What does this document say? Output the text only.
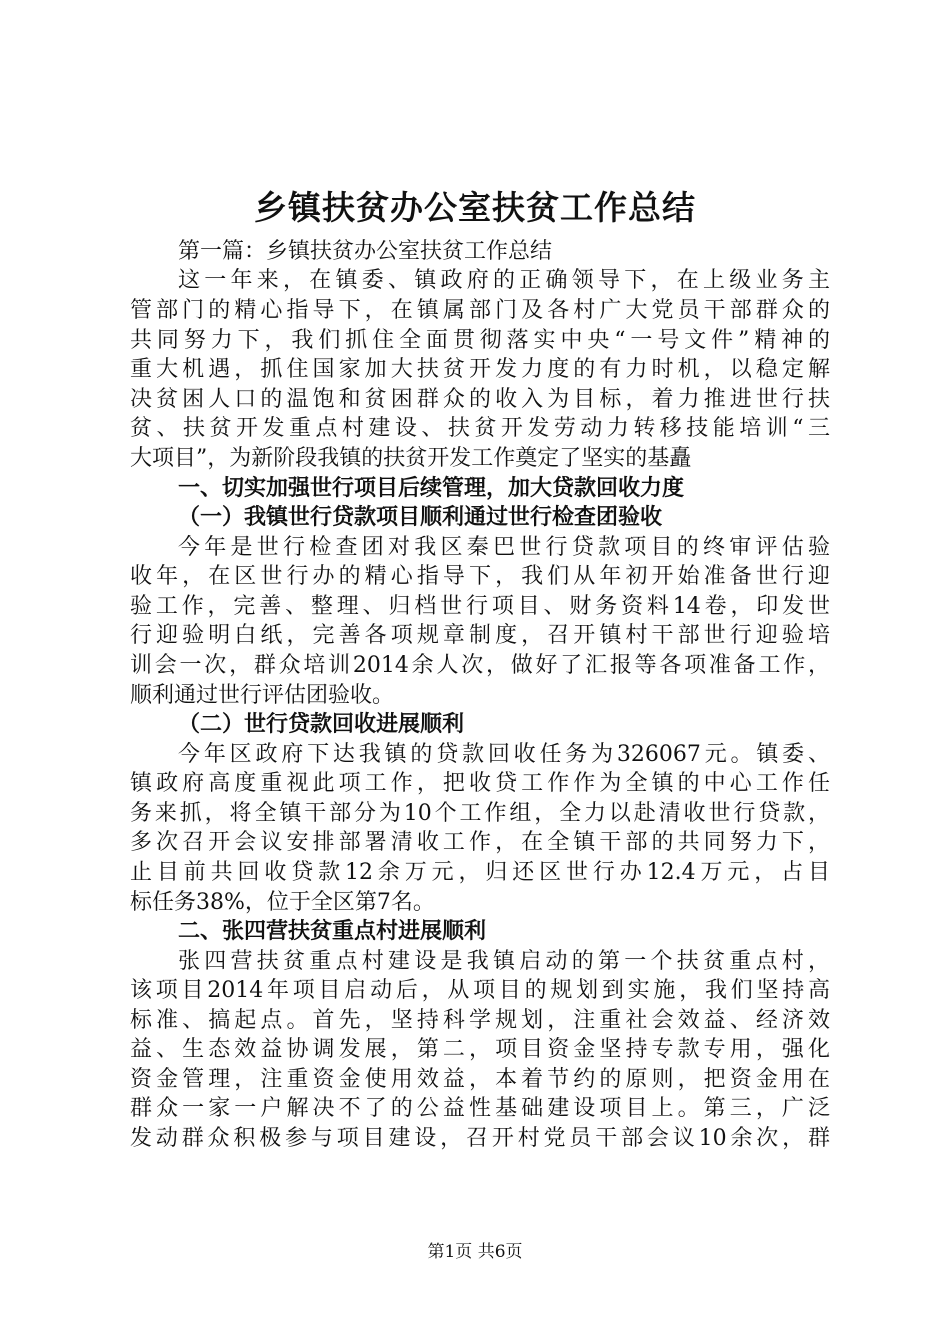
乡镇扶贫办公室扶贫工作总结
第一篇：乡镇扶贫办公室扶贫工作总结
这一年来，在镇委、镇政府的正确领导下，在上级业务主
管部门的精心指导下，在镇属部门及各村广大党员干部群众的
共同努力下，我们抓住全面贯彻落实中央“一号文件”精神的
重大机遇，抓住国家加大扶贫开发力度的有力时机，以稳定解
决贫困人口的温饱和贫困群众的收入为目标，着力推进世行扶
贫、扶贫开发重点村建设、扶贫开发劳动力转移技能培训“三
大项目”，为新阶段我镇的扶贫开发工作奠定了坚实的基矗
一、切实加强世行项目后续管理，加大贷款回收力度
（一）我镇世行贷款项目顺利通过世行检查团验收
今年是世行检查团对我区秦巴世行贷款项目的终审评估验
收年，在区世行办的精心指导下，我们从年初开始准备世行迎
验工作，完善、整理、归档世行项目、财务资料14卷，印发世
行迎验明白纸，完善各项规章制度，召开镇村干部世行迎验培
训会一次，群众培训2014余人次，做好了汇报等各项准备工作，
顺利通过世行评估团验收。
（二）世行贷款回收进展顺利
今年区政府下达我镇的贷款回收任务为326067元。镇委、
镇政府高度重视此项工作，把收贷工作作为全镇的中心工作任
务来抓，将全镇干部分为10个工作组，全力以赴清收世行贷款，
多次召开会议安排部署清收工作，在全镇干部的共同努力下，
止目前共回收贷款12余万元，归还区世行办12.4万元，占目
标任务38%，位于全区第7名。
二、张四营扶贫重点村进展顺利
张四营扶贫重点村建设是我镇启动的第一个扶贫重点村，
该项目2014年项目启动后，从项目的规划到实施，我们坚持高
标准、搞起点。首先，坚持科学规划，注重社会效益、经济效
益、生态效益协调发展，第二，项目资金坚持专款专用，强化
资金管理，注重资金使用效益，本着节约的原则，把资金用在
群众一家一户解决不了的公益性基础建设项目上。第三，广泛
发动群众积极参与项目建设，召开村党员干部会议10余次，群
第1页 共6页
